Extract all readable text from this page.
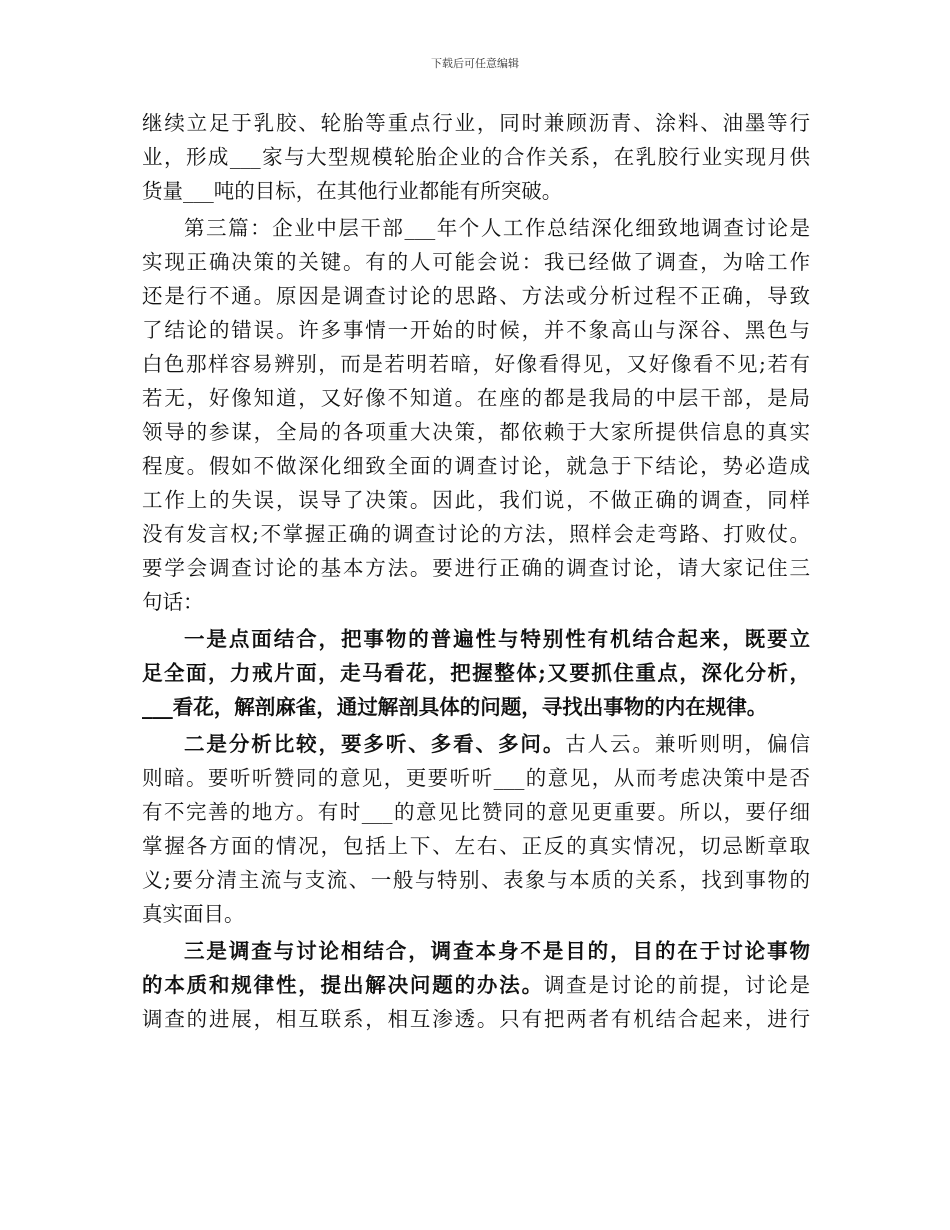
下载后可任意编辑
继续立足于乳胶、轮胎等重点行业，同时兼顾沥青、涂料、油墨等行
业，形成___家与大型规模轮胎企业的合作关系，在乳胶行业实现月供
货量___吨的目标，在其他行业都能有所突破。
第三篇：企业中层干部___年个人工作总结深化细致地调查讨论是
实现正确决策的关键。有的人可能会说：我已经做了调查，为啥工作
还是行不通。原因是调查讨论的思路、方法或分析过程不正确，导致
了结论的错误。许多事情一开始的时候，并不象高山与深谷、黑色与
白色那样容易辨别，而是若明若暗，好像看得见，又好像看不见;若有
若无，好像知道，又好像不知道。在座的都是我局的中层干部，是局
领导的参谋，全局的各项重大决策，都依赖于大家所提供信息的真实
程度。假如不做深化细致全面的调查讨论，就急于下结论，势必造成
工作上的失误，误导了决策。因此，我们说，不做正确的调查，同样
没有发言权;不掌握正确的调查讨论的方法，照样会走弯路、打败仗。
要学会调查讨论的基本方法。要进行正确的调查讨论，请大家记住三
句话：
一是点面结合，把事物的普遍性与特别性有机结合起来，既要立
足全面，力戒片面，走马看花，把握整体;又要抓住重点，深化分析，
___看花，解剖麻雀，通过解剖具体的问题，寻找出事物的内在规律。
二是分析比较，要多听、多看、多问。古人云。兼听则明，偏信
则暗。要听听赞同的意见，更要听听___的意见，从而考虑决策中是否
有不完善的地方。有时___的意见比赞同的意见更重要。所以，要仔细
掌握各方面的情况，包括上下、左右、正反的真实情况，切忌断章取
义;要分清主流与支流、一般与特别、表象与本质的关系，找到事物的
真实面目。
三是调查与讨论相结合，调查本身不是目的，目的在于讨论事物
的本质和规律性，提出解决问题的办法。调查是讨论的前提，讨论是
调查的进展，相互联系，相互渗透。只有把两者有机结合起来，进行
